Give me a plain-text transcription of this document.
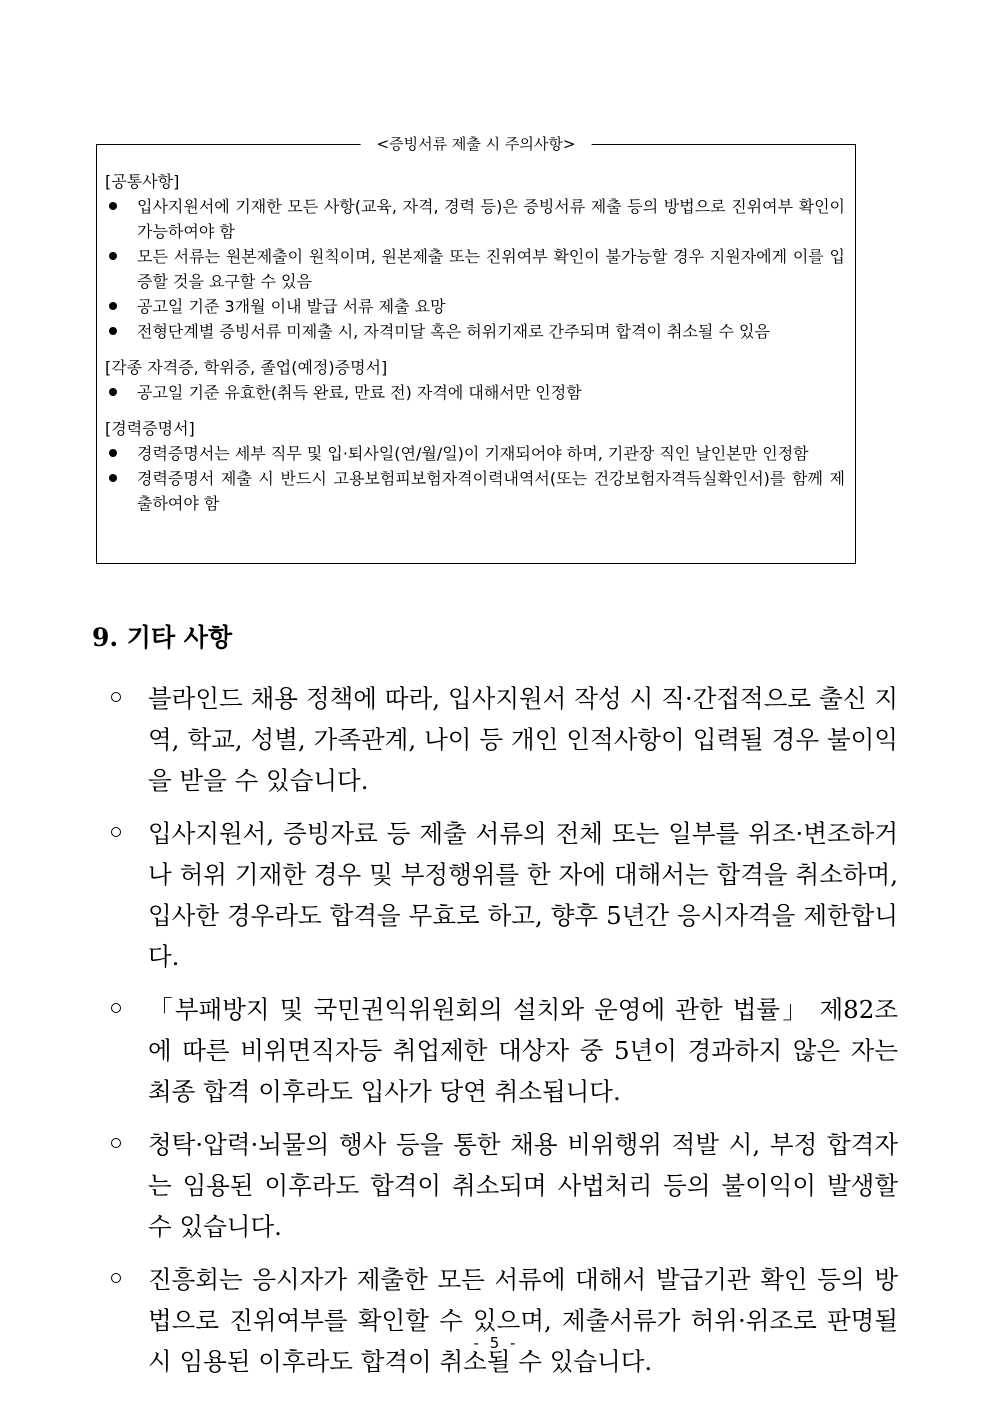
<증빙서류 제출 시 주의사항>

[공통사항]

입사지원서에 기재한 모든 사항(교육, 자격, 경력 등)은 증빙서류 제출 등의 방법으로 진위여부 확인이 가능하여야 함
모든 서류는 원본제출이 원칙이며, 원본제출 또는 진위여부 확인이 불가능할 경우 지원자에게 이를 입증할 것을 요구할 수 있음
공고일 기준 3개월 이내 발급 서류 제출 요망
전형단계별 증빙서류 미제출 시, 자격미달 혹은 허위기재로 간주되며 합격이 취소될 수 있음

[각종 자격증, 학위증, 졸업(예정)증명서]

공고일 기준 유효한(취득 완료, 만료 전) 자격에 대해서만 인정함

[경력증명서]

경력증명서는 세부 직무 및 입·퇴사일(연/월/일)이 기재되어야 하며, 기관장 직인 날인본만 인정함
경력증명서 제출 시 반드시 고용보험피보험자격이력내역서(또는 건강보험자격득실확인서)를 함께 제출하여야 함
9. 기타 사항
블라인드 채용 정책에 따라, 입사지원서 작성 시 직·간접적으로 출신 지역, 학교, 성별, 가족관계, 나이 등 개인 인적사항이 입력될 경우 불이익을 받을 수 있습니다.
입사지원서, 증빙자료 등 제출 서류의 전체 또는 일부를 위조·변조하거나 허위 기재한 경우 및 부정행위를 한 자에 대해서는 합격을 취소하며, 입사한 경우라도 합격을 무효로 하고, 향후 5년간 응시자격을 제한합니다.
「부패방지 및 국민권익위원회의 설치와 운영에 관한 법률」 제82조에 따른 비위면직자등 취업제한 대상자 중 5년이 경과하지 않은 자는 최종 합격 이후라도 입사가 당연 취소됩니다.
청탁·압력·뇌물의 행사 등을 통한 채용 비위행위 적발 시, 부정 합격자는 임용된 이후라도 합격이 취소되며 사법처리 등의 불이익이 발생할 수 있습니다.
진흥회는 응시자가 제출한 모든 서류에 대해서 발급기관 확인 등의 방법으로 진위여부를 확인할 수 있으며, 제출서류가 허위·위조로 판명될 시 임용된 이후라도 합격이 취소될 수 있습니다.
- 5 -
